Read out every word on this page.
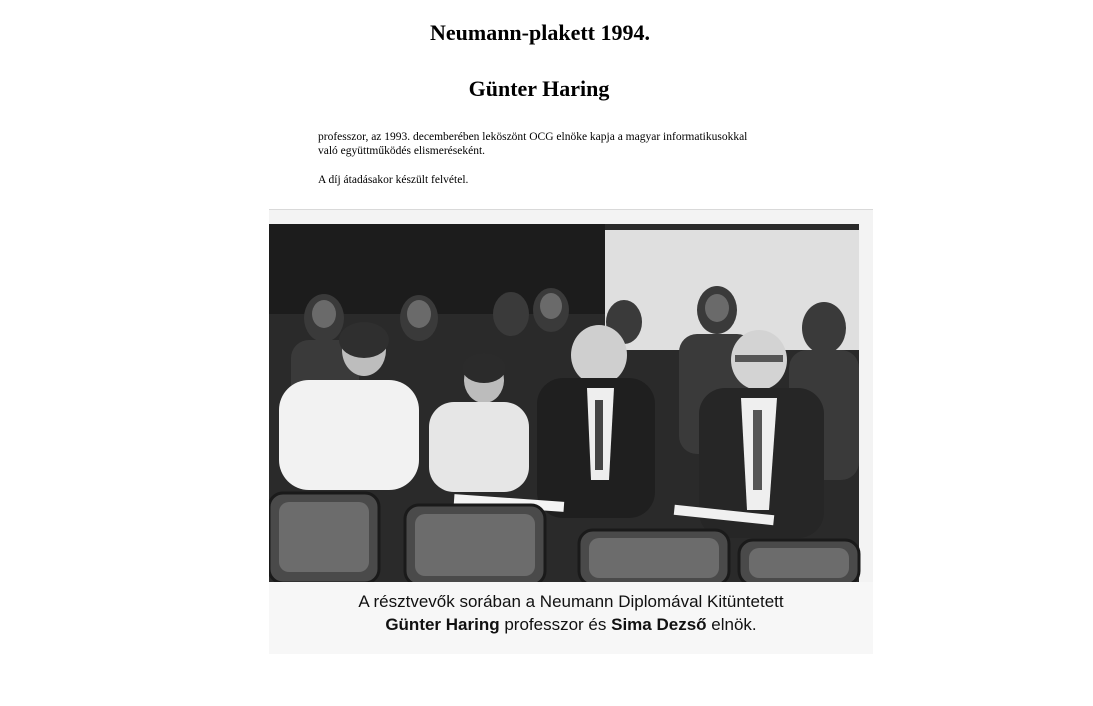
Neumann-plakett 1994.
Günter Haring

professzor, az 1993. decemberében leköszönt OCG elnöke kapja a magyar informatikusokkal
való együttműködés elismeréseként.

A díj átadásakor készült felvétel.

A résztvevők sorában a Neumann Diplomával Kitüntetett
Günter Haring professzor és Sima Dezső elnök.
